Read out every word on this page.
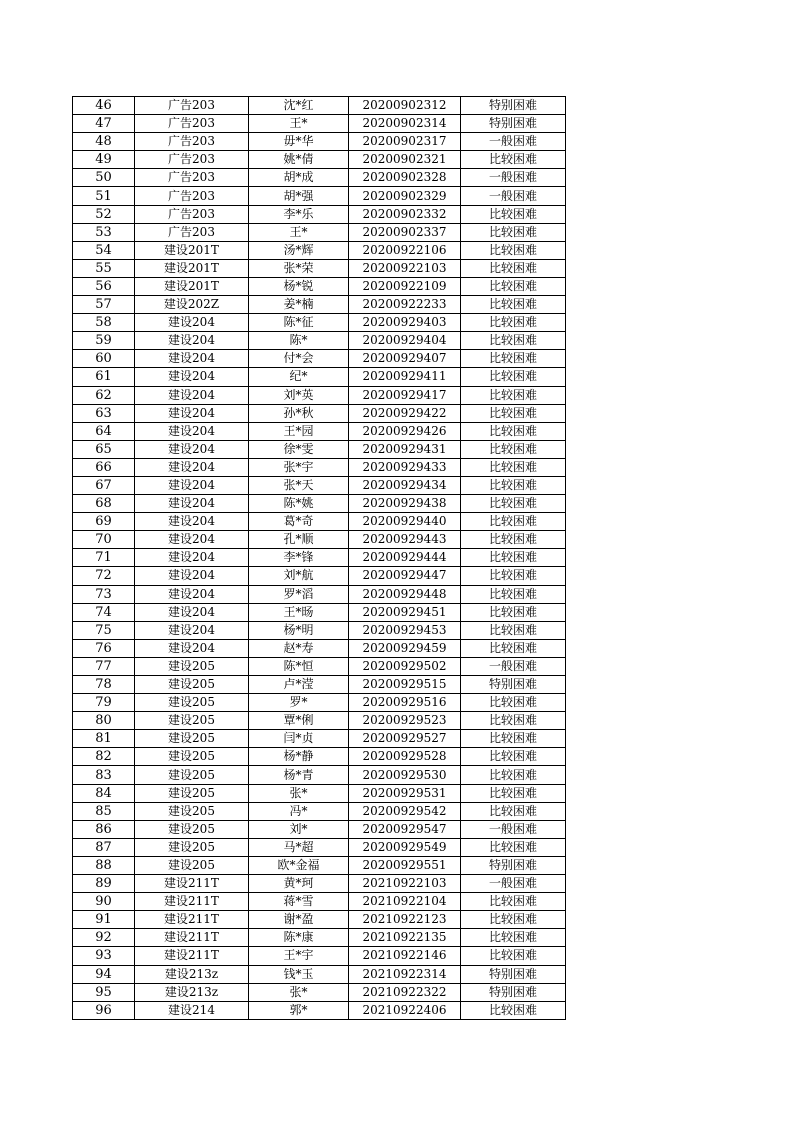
46	广告203	沈*红	20200902312	特别困难
47	广告203	王*	20200902314	特别困难
48	广告203	毋*华	20200902317	一般困难
49	广告203	姚*倩	20200902321	比较困难
50	广告203	胡*成	20200902328	一般困难
51	广告203	胡*强	20200902329	一般困难
52	广告203	李*乐	20200902332	比较困难
53	广告203	王*	20200902337	比较困难
54	建设201T	汤*辉	20200922106	比较困难
55	建设201T	张*荣	20200922103	比较困难
56	建设201T	杨*锐	20200922109	比较困难
57	建设202Z	姜*楠	20200922233	比较困难
58	建设204	陈*征	20200929403	比较困难
59	建设204	陈*	20200929404	比较困难
60	建设204	付*会	20200929407	比较困难
61	建设204	纪*	20200929411	比较困难
62	建设204	刘*英	20200929417	比较困难
63	建设204	孙*秋	20200929422	比较困难
64	建设204	王*园	20200929426	比较困难
65	建设204	徐*雯	20200929431	比较困难
66	建设204	张*宇	20200929433	比较困难
67	建设204	张*天	20200929434	比较困难
68	建设204	陈*姚	20200929438	比较困难
69	建设204	葛*奇	20200929440	比较困难
70	建设204	孔*顺	20200929443	比较困难
71	建设204	李*锋	20200929444	比较困难
72	建设204	刘*航	20200929447	比较困难
73	建设204	罗*滔	20200929448	比较困难
74	建设204	王*旸	20200929451	比较困难
75	建设204	杨*明	20200929453	比较困难
76	建设204	赵*寿	20200929459	比较困难
77	建设205	陈*恒	20200929502	一般困难
78	建设205	卢*滢	20200929515	特别困难
79	建设205	罗*	20200929516	比较困难
80	建设205	覃*俐	20200929523	比较困难
81	建设205	闫*贞	20200929527	比较困难
82	建设205	杨*静	20200929528	比较困难
83	建设205	杨*青	20200929530	比较困难
84	建设205	张*	20200929531	比较困难
85	建设205	冯*	20200929542	比较困难
86	建设205	刘*	20200929547	一般困难
87	建设205	马*超	20200929549	比较困难
88	建设205	欧*金福	20200929551	特别困难
89	建设211T	黄*珂	20210922103	一般困难
90	建设211T	蒋*雪	20210922104	比较困难
91	建设211T	谢*盈	20210922123	比较困难
92	建设211T	陈*康	20210922135	比较困难
93	建设211T	王*宇	20210922146	比较困难
94	建设213z	钱*玉	20210922314	特别困难
95	建设213z	张*	20210922322	特别困难
96	建设214	郭*	20210922406	比较困难
